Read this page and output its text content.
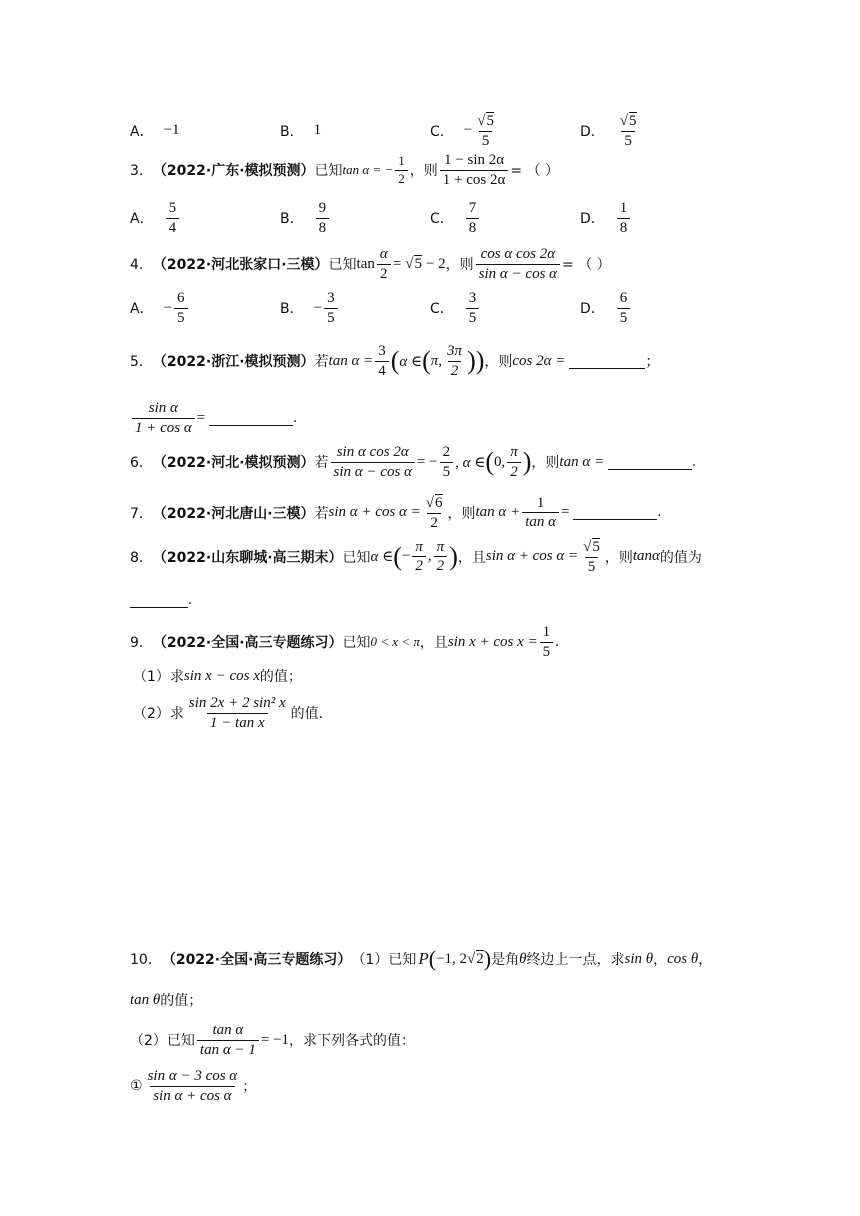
A． −1	B． 1	C． − $\frac{√5}{5}$	D． $\frac{√5}{5}$
3． （2022·广东·模拟预测） 已知 tan α = − $\frac{1}{2}$ ，则 $\frac{1 - \sin 2\alpha}{1 + \cos 2\alpha}$ = （ ）
A． $\frac{5}{4}$	B． $\frac{9}{8}$	C． $\frac{7}{8}$	D． $\frac{1}{8}$
4． （2022·河北张家口·三模） 已知 $\tan \frac{\alpha}{2} = √5 - 2$ ，则 $\frac{\text{cos α cos 2α}}{\text{sin α − cos α}}$ = （ ）
A． − $\frac{6}{5}$	B． − $\frac{3}{5}$	C． $\frac{3}{5}$	D． $\frac{6}{5}$
5． （2022·浙江·模拟预测） 若 $\tan \alpha = \frac{3}{4}$ ( α ∈ ( π, $\frac{3\pi}{2}$ )) ，则 cos 2α =	；
$\frac{\text{sin α}}{\text{1 + cos α}}$ =	.
6． （2022·河北·模拟预测） 若 $\frac{\text{sin α cos 2α}}{\text{sin α − cos α}}$ = − $\frac{2}{5}$ , α ∈ ( 0, $\frac{\pi}{2}$ ) ，则 tan α =	.
7． （2022·河北唐山·三模） 若 $\sin \alpha + \cos \alpha = \frac{√6}{2}$ ，则 $\tan \alpha + \frac{1}{\text{tan α}}$ =	.
8． （2022·山东聊城·高三期末） 已知 α ∈ ( − $\frac{\pi}{2}$ , $\frac{\pi}{2}$ ) ，且 $\sin \alpha + \cos \alpha = \frac{√5}{5}$ ，则 tanα 的值为
.
9． （2022·全国·高三专题练习） 已知 0 < x < π ，且 $\sin x + \cos x = \frac{1}{5}$ .
（1）求 sin x − cos x 的值；
（2）求 $\frac{\text{sin 2x + 2 sin² x}}{\text{1 − tan x}}$ 的值.
10． （2022·全国·高三专题练习） （1）已知 P ( −1, 2 √2 ) 是角 θ 终边上一点，求 sin θ ， cos θ ，
tan θ 的值；
（2）已知 $\frac{\text{tan α}}{\text{tan α − 1}} = -1$ ，求下列各式的值：
① $\frac{\text{sin α − 3 cos α}}{\text{sin α + cos α}}$ ；
